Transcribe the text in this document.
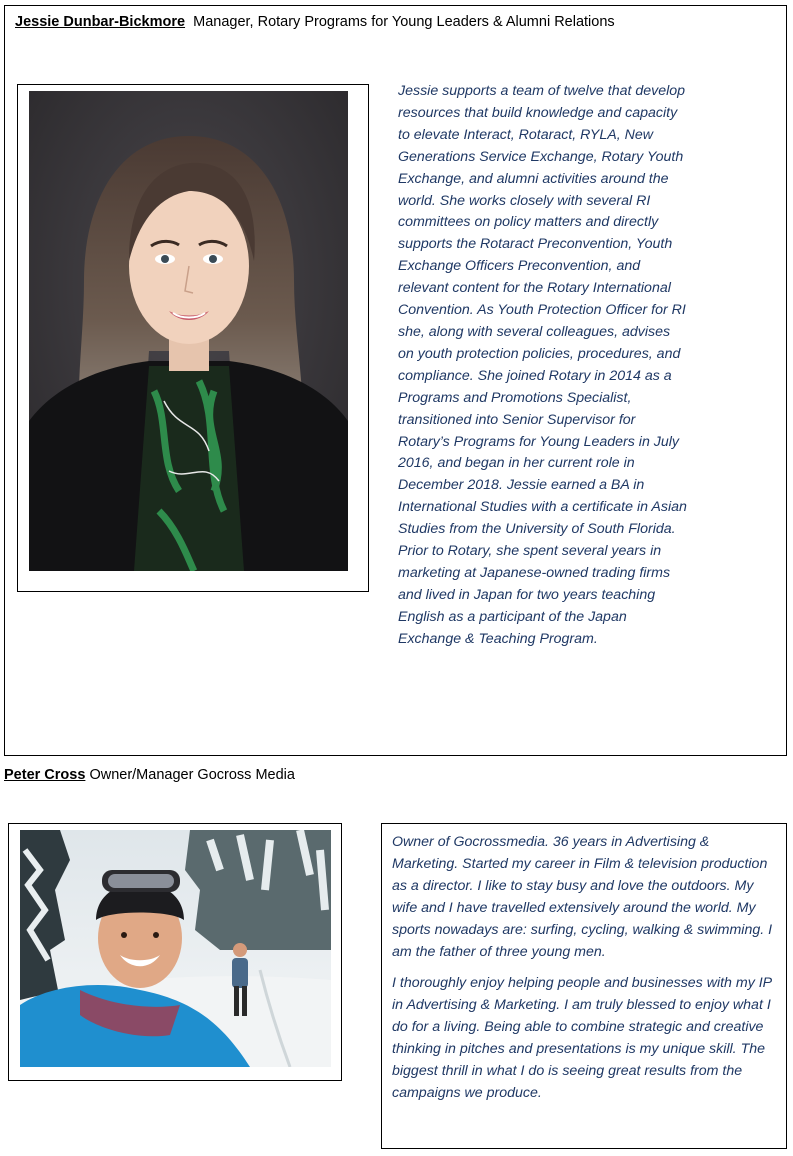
Jessie Dunbar-Bickmore Manager, Rotary Programs for Young Leaders & Alumni Relations
Jessie supports a team of twelve that develop resources that build knowledge and capacity to elevate Interact, Rotaract, RYLA, New Generations Service Exchange, Rotary Youth Exchange, and alumni activities around the world. She works closely with several RI committees on policy matters and directly supports the Rotaract Preconvention, Youth Exchange Officers Preconvention, and relevant content for the Rotary International Convention. As Youth Protection Officer for RI she, along with several colleagues, advises on youth protection policies, procedures, and compliance. She joined Rotary in 2014 as a Programs and Promotions Specialist, transitioned into Senior Supervisor for Rotary’s Programs for Young Leaders in July 2016, and began in her current role in December 2018. Jessie earned a BA in International Studies with a certificate in Asian Studies from the University of South Florida. Prior to Rotary, she spent several years in marketing at Japanese-owned trading firms and lived in Japan for two years teaching English as a participant of the Japan Exchange & Teaching Program.
Peter Cross Owner/Manager Gocross Media

Owner of Gocrossmedia. 36 years in Advertising & Marketing. Started my career in Film & television production as a director. I like to stay busy and love the outdoors. My wife and I have travelled extensively around the world. My sports nowadays are: surfing, cycling, walking & swimming. I am the father of three young men.

I thoroughly enjoy helping people and businesses with my IP in Advertising & Marketing. I am truly blessed to enjoy what I do for a living. Being able to combine strategic and creative thinking in pitches and presentations is my unique skill. The biggest thrill in what I do is seeing great results from the campaigns we produce.
